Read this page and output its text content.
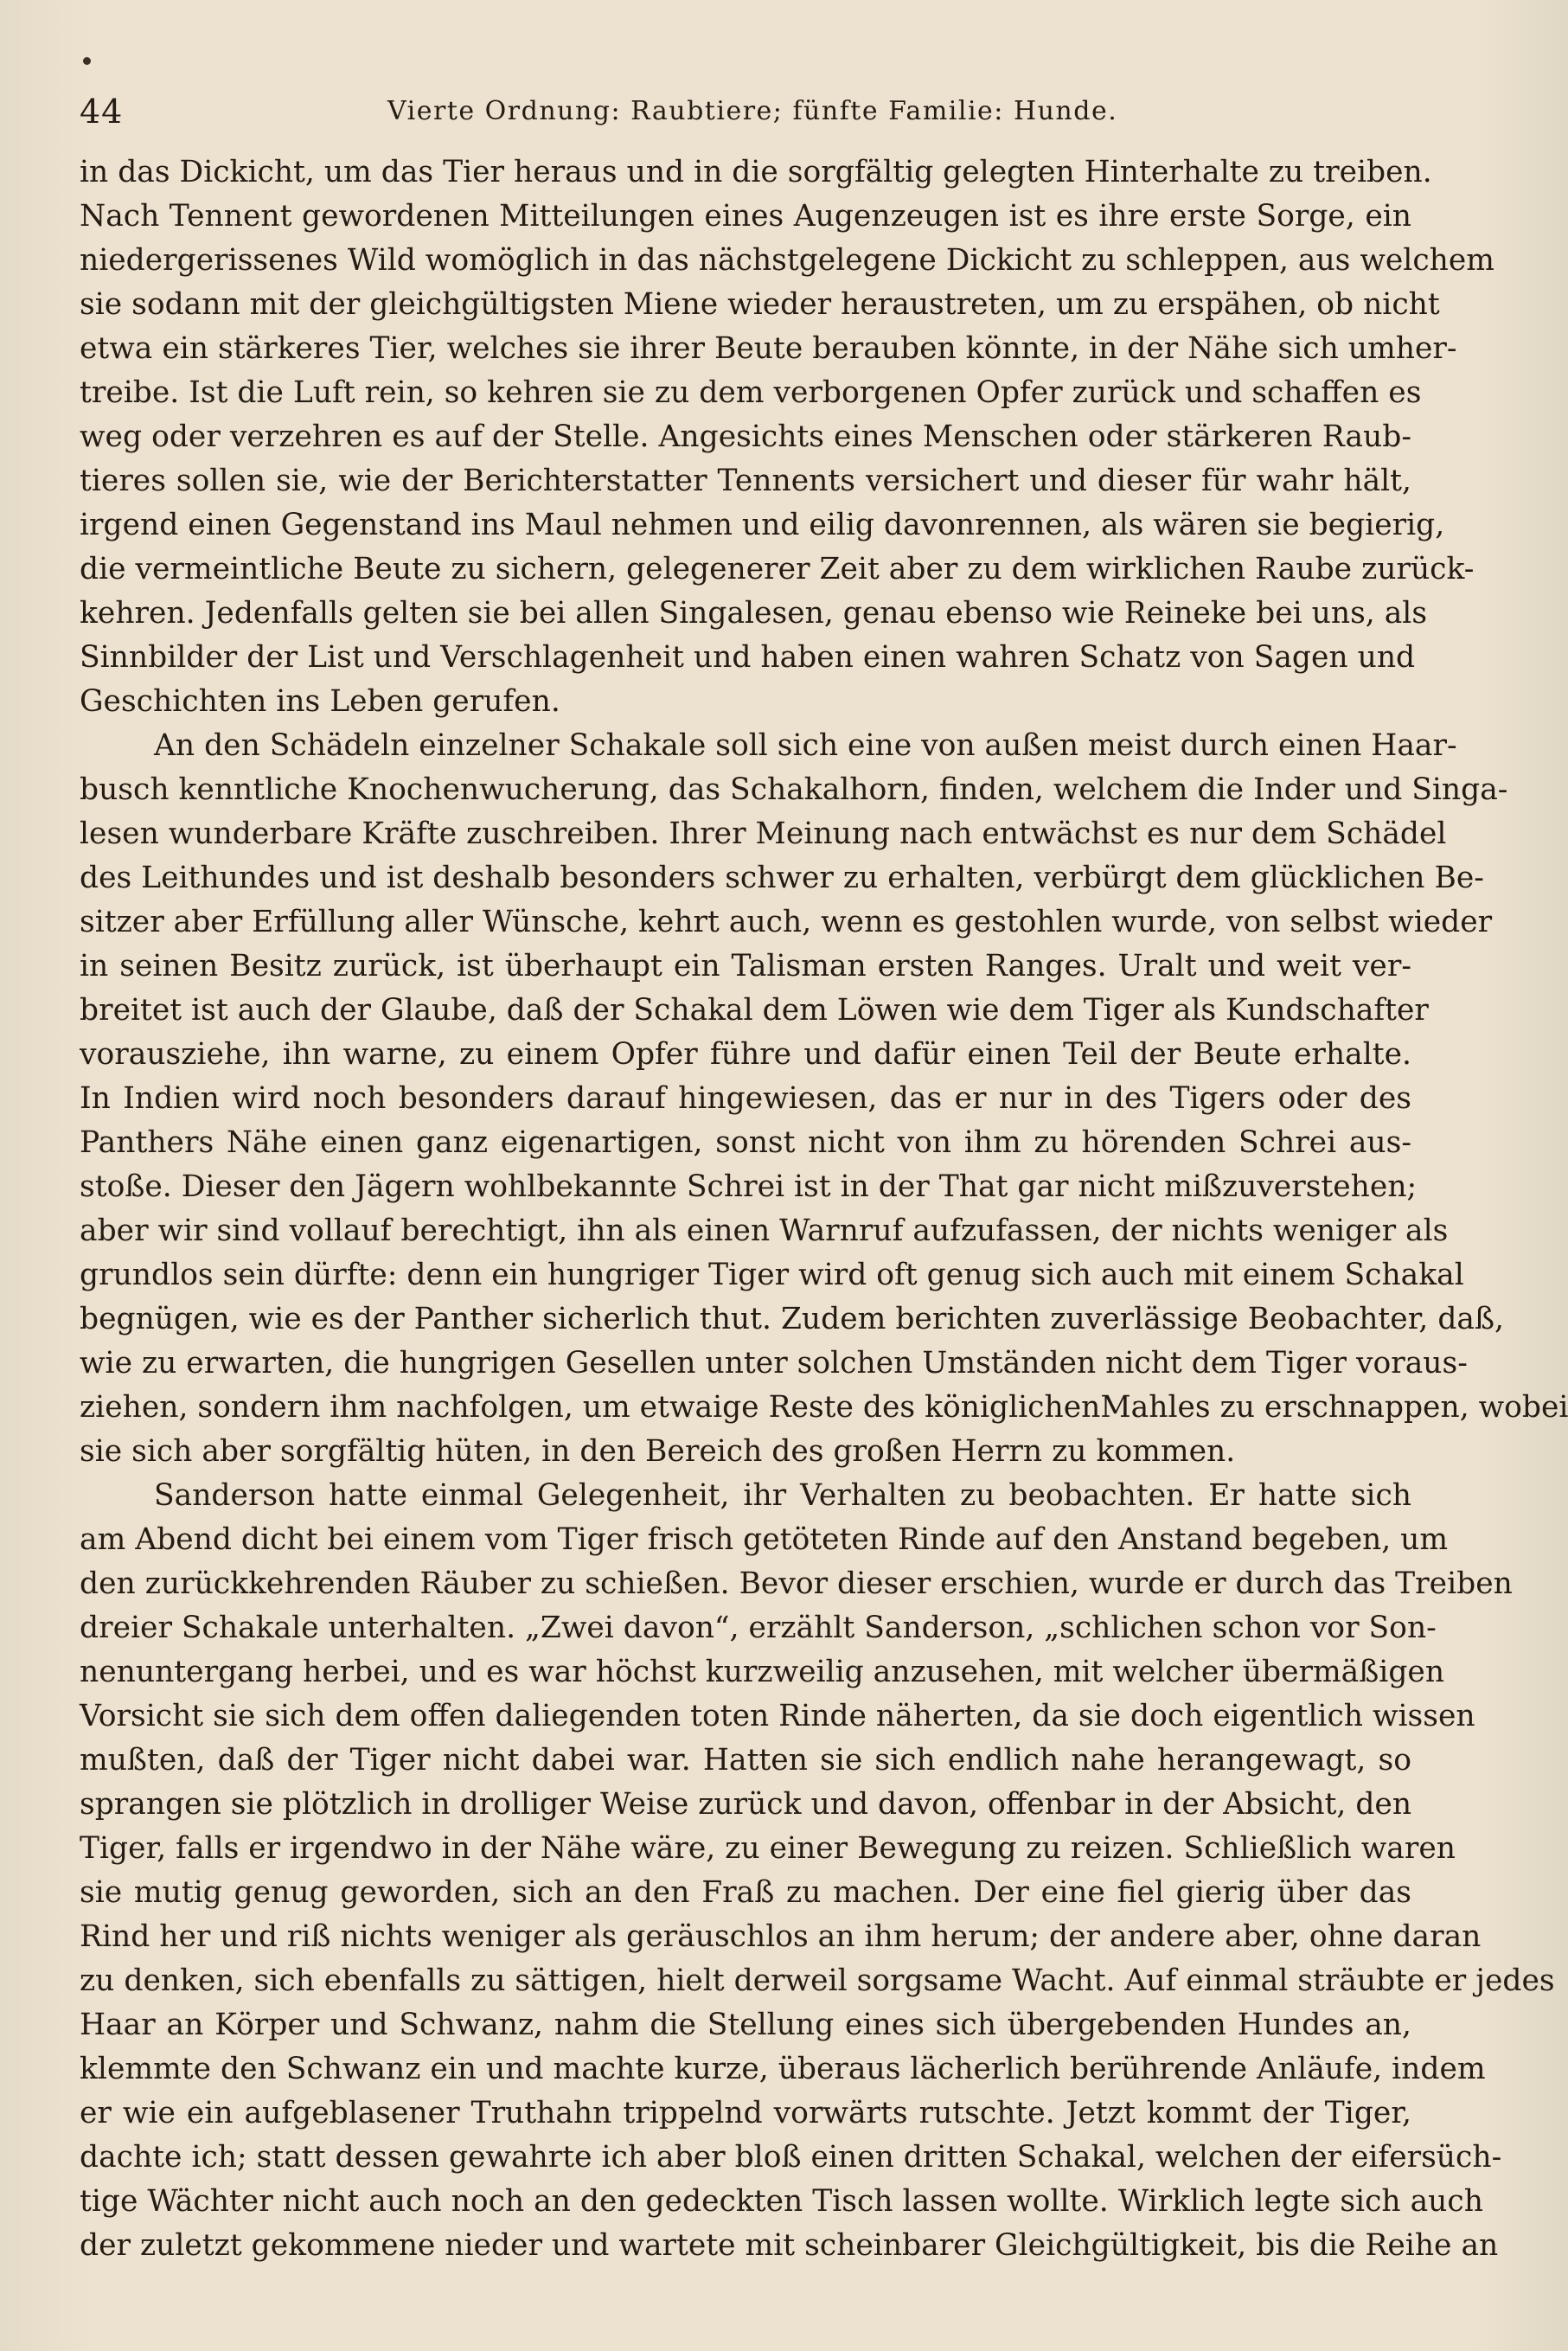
44	Vierte Ordnung: Raubtiere; fünfte Familie: Hunde.
in das Dickicht, um das Tier heraus und in die sorgfältig gelegten Hinterhalte zu treiben.
Nach Tennent gewordenen Mitteilungen eines Augenzeugen ist es ihre erste Sorge, ein
niedergerissenes Wild womöglich in das nächstgelegene Dickicht zu schleppen, aus welchem
sie sodann mit der gleichgültigsten Miene wieder heraustreten, um zu erspähen, ob nicht
etwa ein stärkeres Tier, welches sie ihrer Beute berauben könnte, in der Nähe sich umher-
treibe. Ist die Luft rein, so kehren sie zu dem verborgenen Opfer zurück und schaffen es
weg oder verzehren es auf der Stelle. Angesichts eines Menschen oder stärkeren Raub-
tieres sollen sie, wie der Berichterstatter Tennents versichert und dieser für wahr hält,
irgend einen Gegenstand ins Maul nehmen und eilig davonrennen, als wären sie begierig,
die vermeintliche Beute zu sichern, gelegenerer Zeit aber zu dem wirklichen Raube zurück-
kehren. Jedenfalls gelten sie bei allen Singalesen, genau ebenso wie Reineke bei uns, als
Sinnbilder der List und Verschlagenheit und haben einen wahren Schatz von Sagen und
Geschichten ins Leben gerufen.
An den Schädeln einzelner Schakale soll sich eine von außen meist durch einen Haar-
busch kenntliche Knochenwucherung, das Schakalhorn, finden, welchem die Inder und Singa-
lesen wunderbare Kräfte zuschreiben. Ihrer Meinung nach entwächst es nur dem Schädel
des Leithundes und ist deshalb besonders schwer zu erhalten, verbürgt dem glücklichen Be-
sitzer aber Erfüllung aller Wünsche, kehrt auch, wenn es gestohlen wurde, von selbst wieder
in seinen Besitz zurück, ist überhaupt ein Talisman ersten Ranges. Uralt und weit ver-
breitet ist auch der Glaube, daß der Schakal dem Löwen wie dem Tiger als Kundschafter
vorausziehe, ihn warne, zu einem Opfer führe und dafür einen Teil der Beute erhalte.
In Indien wird noch besonders darauf hingewiesen, das er nur in des Tigers oder des
Panthers Nähe einen ganz eigenartigen, sonst nicht von ihm zu hörenden Schrei aus-
stoße. Dieser den Jägern wohlbekannte Schrei ist in der That gar nicht mißzuverstehen;
aber wir sind vollauf berechtigt, ihn als einen Warnruf aufzufassen, der nichts weniger als
grundlos sein dürfte: denn ein hungriger Tiger wird oft genug sich auch mit einem Schakal
begnügen, wie es der Panther sicherlich thut. Zudem berichten zuverlässige Beobachter, daß,
wie zu erwarten, die hungrigen Gesellen unter solchen Umständen nicht dem Tiger voraus-
ziehen, sondern ihm nachfolgen, um etwaige Reste des königlichenMahles zu erschnappen, wobei
sie sich aber sorgfältig hüten, in den Bereich des großen Herrn zu kommen.
Sanderson hatte einmal Gelegenheit, ihr Verhalten zu beobachten. Er hatte sich
am Abend dicht bei einem vom Tiger frisch getöteten Rinde auf den Anstand begeben, um
den zurückkehrenden Räuber zu schießen. Bevor dieser erschien, wurde er durch das Treiben
dreier Schakale unterhalten. „Zwei davon“, erzählt Sanderson, „schlichen schon vor Son-
nenuntergang herbei, und es war höchst kurzweilig anzusehen, mit welcher übermäßigen
Vorsicht sie sich dem offen daliegenden toten Rinde näherten, da sie doch eigentlich wissen
mußten, daß der Tiger nicht dabei war. Hatten sie sich endlich nahe herangewagt, so
sprangen sie plötzlich in drolliger Weise zurück und davon, offenbar in der Absicht, den
Tiger, falls er irgendwo in der Nähe wäre, zu einer Bewegung zu reizen. Schließlich waren
sie mutig genug geworden, sich an den Fraß zu machen. Der eine fiel gierig über das
Rind her und riß nichts weniger als geräuschlos an ihm herum; der andere aber, ohne daran
zu denken, sich ebenfalls zu sättigen, hielt derweil sorgsame Wacht. Auf einmal sträubte er jedes
Haar an Körper und Schwanz, nahm die Stellung eines sich übergebenden Hundes an,
klemmte den Schwanz ein und machte kurze, überaus lächerlich berührende Anläufe, indem
er wie ein aufgeblasener Truthahn trippelnd vorwärts rutschte. Jetzt kommt der Tiger,
dachte ich; statt dessen gewahrte ich aber bloß einen dritten Schakal, welchen der eifersüch-
tige Wächter nicht auch noch an den gedeckten Tisch lassen wollte. Wirklich legte sich auch
der zuletzt gekommene nieder und wartete mit scheinbarer Gleichgültigkeit, bis die Reihe an
